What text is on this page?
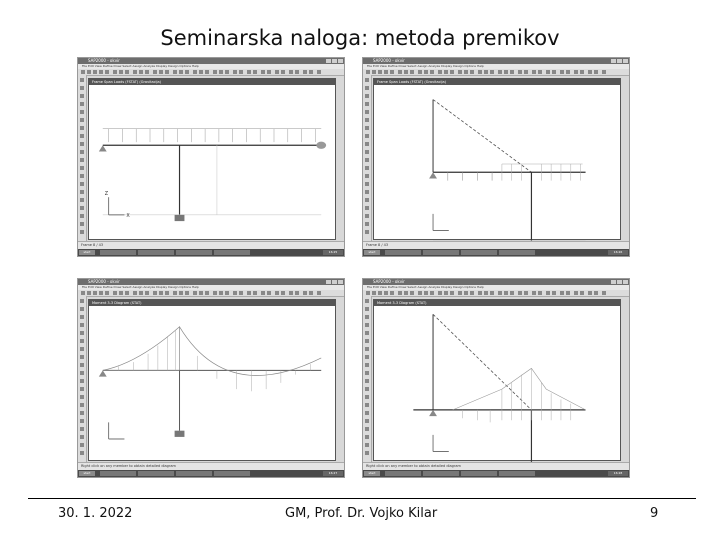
Seminarska naloga: metoda premikov
SAP2000 - okvir
File Edit View Define Draw Select Assign Analyze Display Design Options Help
Frame Span Loads (FSTAT) (Gravitacija)
X
Z
Frame 8 / 43
start	16:25
SAP2000 - okvir
File Edit View Define Draw Select Assign Analyze Display Design Options Help
Frame Span Loads (FSTAT) (Gravitacija)
Frame 8 / 43
start	16:26
SAP2000 - okvir
File Edit View Define Draw Select Assign Analyze Display Design Options Help
Moment 3-3 Diagram (STAT)
Right click on any member to obtain detailed diagram
start	16:27
SAP2000 - okvir
File Edit View Define Draw Select Assign Analyze Display Design Options Help
Moment 3-3 Diagram (STAT)
Right click on any member to obtain detailed diagram
start	16:28
30. 1. 2022	GM, Prof. Dr. Vojko Kilar	9
